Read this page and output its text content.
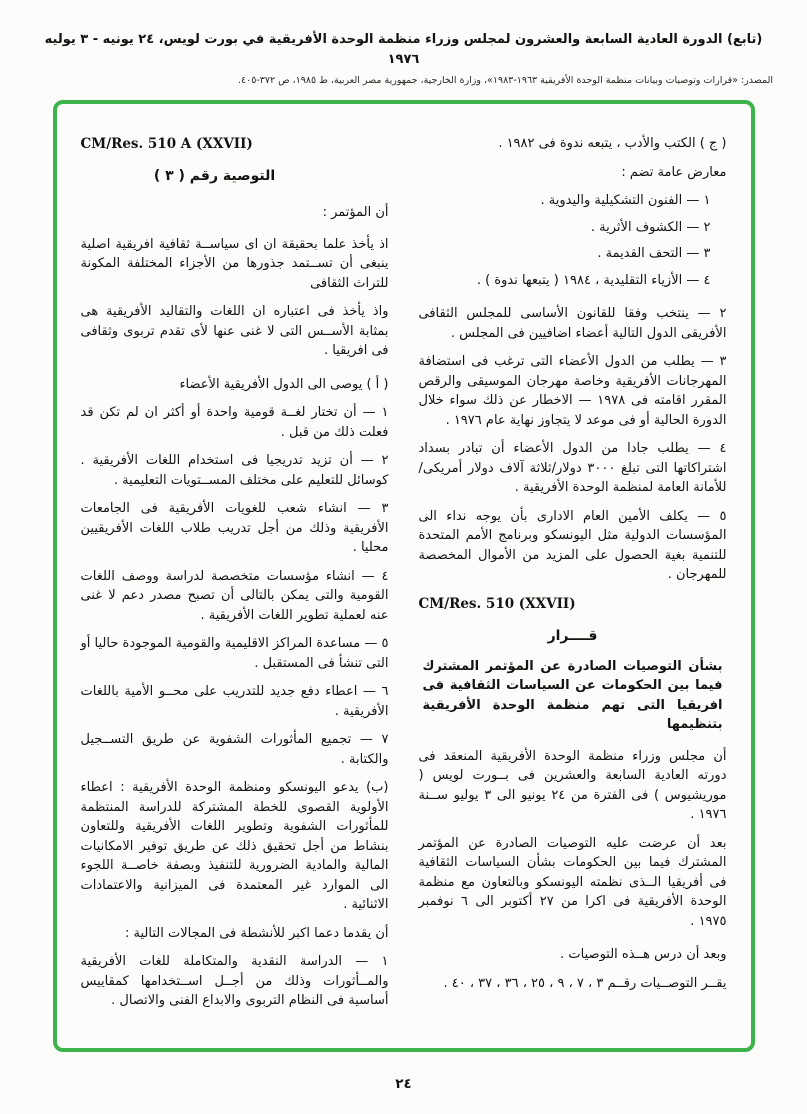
(تابع) الدورة العادية السابعة والعشرون لمجلس وزراء منظمة الوحدة الأفريقية في بورت لويس، ٢٤ يونيه - ٣ يوليه ١٩٧٦
المصدر: «قرارات وتوصيات وبيانات منظمة الوحدة الأفريقية ١٩٦٣-١٩٨٣»، وزارة الخارجية، جمهورية مصر العربية، ط ١٩٨٥، ص ٣٧٢-٤٠٥.

( ج ) الكتب والأدب ، يتبعه ندوة فى ١٩٨٢ .

معارض عامة تضم :

١ — الفنون التشكيلية واليدوية .

٢ — الكشوف الأثرية .

٣ — التحف القديمة .

٤ — الأزياء التقليدية ، ١٩٨٤ ( يتبعها ندوة ) .

٢ — ينتخب وفقا للقانون الأساسى للمجلس الثقافى الأفريقى الدول التالية أعضاء اضافيين فى المجلس .

٣ — يطلب من الدول الأعضاء التى ترغب فى استضافة المهرجانات الأفريقية وخاصة مهرجان الموسيقى والرقص المقرر اقامته فى ١٩٧٨ — الاخطار عن ذلك سواء خلال الدورة الحالية أو فى موعد لا يتجاوز نهاية عام ١٩٧٦ .

٤ — يطلب جادا من الدول الأعضاء أن تبادر بسداد اشتراكاتها التى تبلغ ٣٠٠٠ دولار/ثلاثة آلاف دولار أمريكى/للأمانة العامة لمنظمة الوحدة الأفريقية .

٥ — يكلف الأمين العام الادارى بأن يوجه نداء الى المؤسسات الدولية مثل اليونسكو وبرنامج الأمم المتحدة للتنمية بغية الحصول على المزيد من الأموال المخصصة للمهرجان .

CM/Res. 510 (XXVII)
قــــرار

بشأن التوصيات الصادرة عن المؤتمر المشترك فيما بين الحكومات عن السياسات الثقافية فى افريقيا التى تهم منظمة الوحدة الأفريقية بتنظيمها

أن مجلس وزراء منظمة الوحدة الأفريقية المنعقد فى دورته العادية السابعة والعشرين فى بــورت لويس ( موريشيوس ) فى الفترة من ٢٤ يونيو الى ٣ يوليو ســنة ١٩٧٦ .

بعد أن عرضت عليه التوصيات الصادرة عن المؤتمر المشترك فيما بين الحكومات بشأن السياسات الثقافية فى أفريقيا الــذى نظمته اليونسكو وبالتعاون مع منظمة الوحدة الأفريقية فى اكرا من ٢٧ أكتوبر الى ٦ نوفمبر ١٩٧٥ .

وبعد أن درس هــذه التوصيات .

يقــر التوصــيات رقــم ٣ ، ٧ ، ٩ ، ٢٥ ، ٣٦ ، ٣٧ ، ٤٠ .

CM/Res. 510 A (XXVII)
التوصية رقم ( ٣ )

أن المؤتمر :

اذ يأخذ علما بحقيقة ان اى سياســة ثقافية افريقية اصلية ينبغى أن تســتمد جذورها من الأجزاء المختلفة المكونة للتراث الثقافى

واذ يأخذ فى اعتباره ان اللغات والتقاليد الأفريقية هى بمثابة الأســس التى لا غنى عنها لأى تقدم تربوى وثقافى فى افريقيا .

( أ ) يوصى الى الدول الأفريقية الأعضاء

١ — أن تختار لغــة قومية واحدة أو أكثر ان لم تكن قد فعلت ذلك من قبل .

٢ — أن تزيد تدريجيا فى استخدام اللغات الأفريقية . كوسائل للتعليم على مختلف المســتويات التعليمية .

٣ — انشاء شعب للغويات الأفريقية فى الجامعات الأفريقية وذلك من أجل تدريب طلاب اللغات الأفريقيين محليا .

٤ — انشاء مؤسسات متخصصة لدراسة ووصف اللغات القومية والتى يمكن بالتالى أن تصبح مصدر دعم لا غنى عنه لعملية تطوير اللغات الأفريقية .

٥ — مساعدة المراكز الاقليمية والقومية الموجودة حاليا أو التى تنشأ فى المستقبل .

٦ — اعطاء دفع جديد للتدريب على محــو الأمية باللغات الأفريقية .

٧ — تجميع المأثورات الشفوية عن طريق التســجيل والكتابة .

(ب) يدعو اليونسكو ومنظمة الوحدة الأفريقية : اعطاء الأولوية القصوى للخطة المشتركة للدراسة المنتظمة للمأثورات الشفوية وتطوير اللغات الأفريقية وللتعاون بنشاط من أجل تحقيق ذلك عن طريق توفير الامكانيات المالية والمادية الضرورية للتنفيذ وبصفة خاصــة اللجوء الى الموارد غير المعتمدة فى الميزانية والاعتمادات الاثنائية .

أن يقدما دعما اكبر للأنشطة فى المجالات التالية :

١ — الدراسة النقدية والمتكاملة للغات الأفريقية والمــأثورات وذلك من أجــل اســتخدامها كمقاييس أساسية فى النظام التربوى والابداع الفنى والاتصال .

٢٤
